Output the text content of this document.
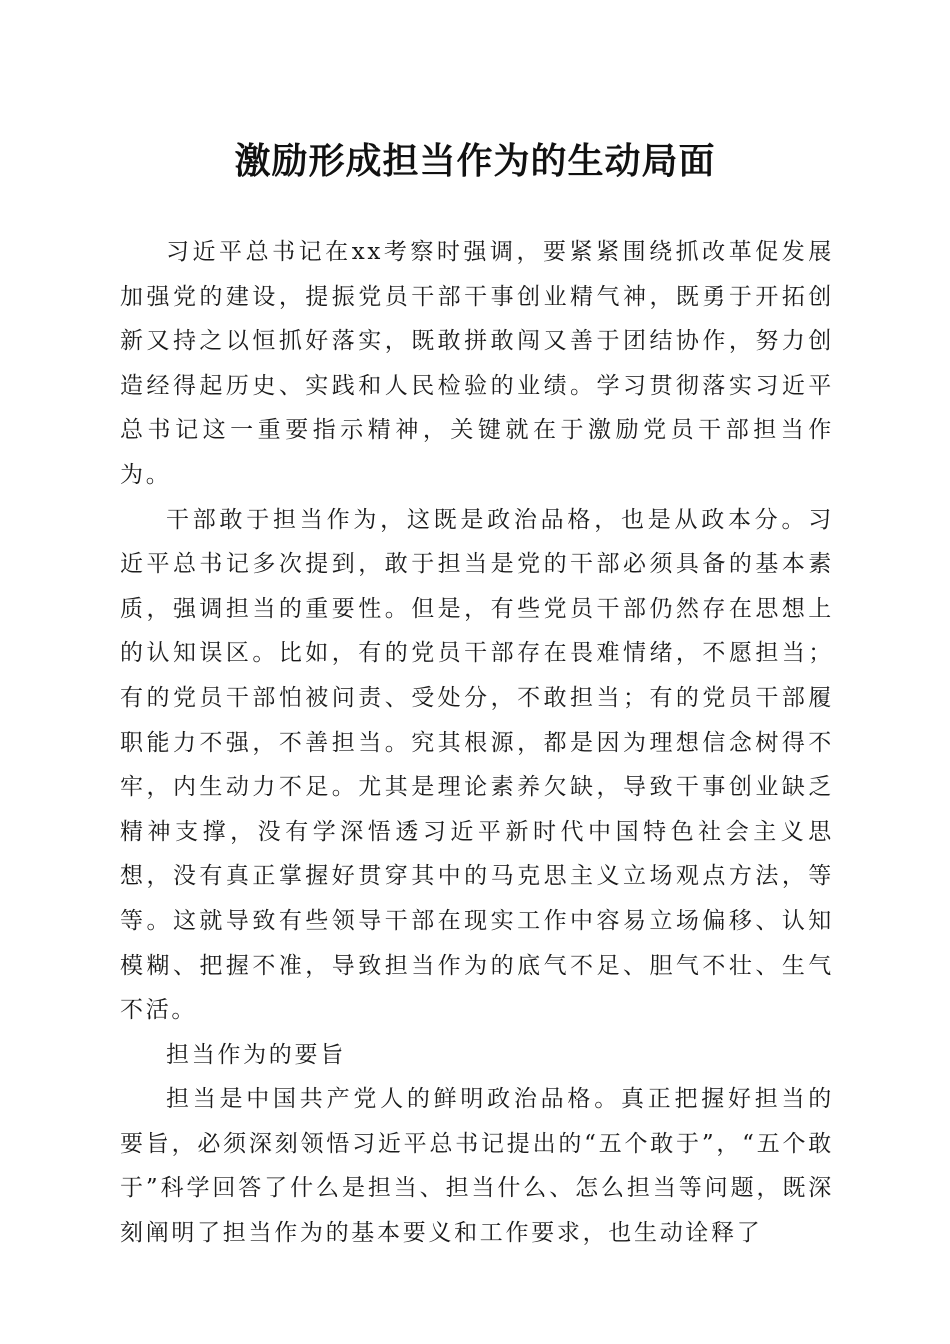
激励形成担当作为的生动局面

习近平总书记在xx考察时强调，要紧紧围绕抓改革促发展加强党的建设，提振党员干部干事创业精气神，既勇于开拓创新又持之以恒抓好落实，既敢拼敢闯又善于团结协作，努力创造经得起历史、实践和人民检验的业绩。学习贯彻落实习近平总书记这一重要指示精神，关键就在于激励党员干部担当作为。

干部敢于担当作为，这既是政治品格，也是从政本分。习近平总书记多次提到，敢于担当是党的干部必须具备的基本素质，强调担当的重要性。但是，有些党员干部仍然存在思想上的认知误区。比如，有的党员干部存在畏难情绪，不愿担当；有的党员干部怕被问责、受处分，不敢担当；有的党员干部履职能力不强，不善担当。究其根源，都是因为理想信念树得不牢，内生动力不足。尤其是理论素养欠缺，导致干事创业缺乏精神支撑，没有学深悟透习近平新时代中国特色社会主义思想，没有真正掌握好贯穿其中的马克思主义立场观点方法，等等。这就导致有些领导干部在现实工作中容易立场偏移、认知模糊、把握不准，导致担当作为的底气不足、胆气不壮、生气不活。

担当作为的要旨

担当是中国共产党人的鲜明政治品格。真正把握好担当的要旨，必须深刻领悟习近平总书记提出的“五个敢于”，“五个敢于”科学回答了什么是担当、担当什么、怎么担当等问题，既深刻阐明了担当作为的基本要义和工作要求，也生动诠释了
